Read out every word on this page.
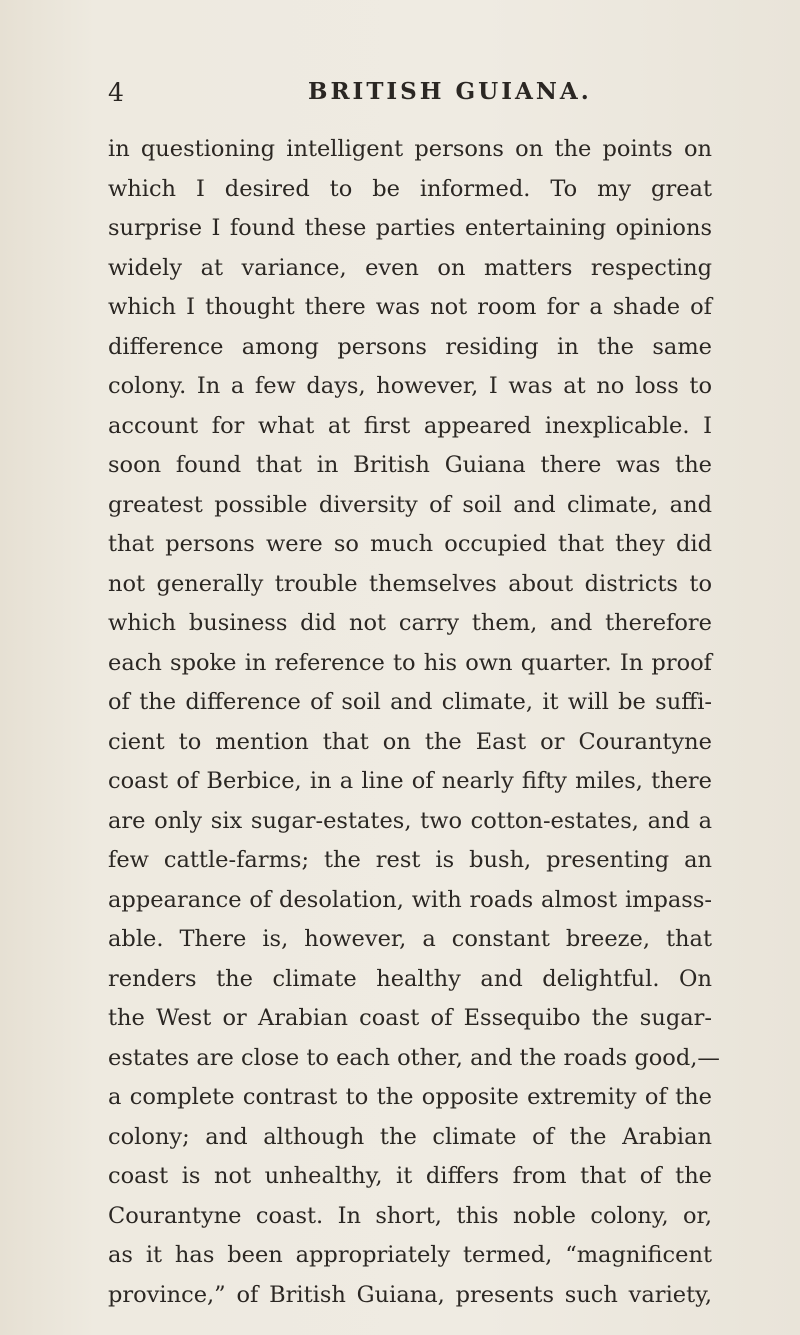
4	BRITISH GUIANA.
in questioning intelligent persons on the points on
which I desired to be informed. To my great
surprise I found these parties entertaining opinions
widely at variance, even on matters respecting
which I thought there was not room for a shade of
difference among persons residing in the same
colony. In a few days, however, I was at no loss to
account for what at first appeared inexplicable. I
soon found that in British Guiana there was the
greatest possible diversity of soil and climate, and
that persons were so much occupied that they did
not generally trouble themselves about districts to
which business did not carry them, and therefore
each spoke in reference to his own quarter. In proof
of the difference of soil and climate, it will be suffi-
cient to mention that on the East or Courantyne
coast of Berbice, in a line of nearly fifty miles, there
are only six sugar-estates, two cotton-estates, and a
few cattle-farms; the rest is bush, presenting an
appearance of desolation, with roads almost impass-
able. There is, however, a constant breeze, that
renders the climate healthy and delightful. On
the West or Arabian coast of Essequibo the sugar-
estates are close to each other, and the roads good,—
a complete contrast to the opposite extremity of the
colony; and although the climate of the Arabian
coast is not unhealthy, it differs from that of the
Courantyne coast. In short, this noble colony, or,
as it has been appropriately termed, “magnificent
province,” of British Guiana, presents such variety,
